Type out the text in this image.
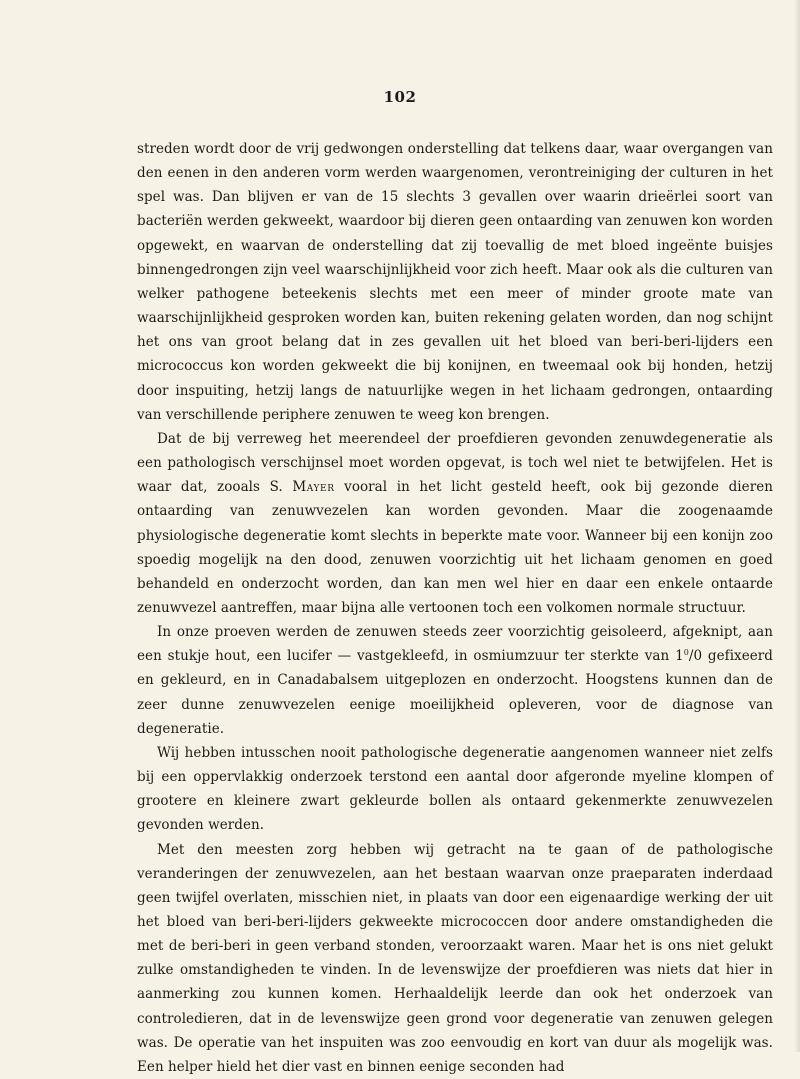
102

streden wordt door de vrij gedwongen onderstelling dat telkens daar, waar overgangen van den eenen in den anderen vorm werden waargenomen, verontreiniging der culturen in het spel was. Dan blijven er van de 15 slechts 3 gevallen over waarin drieërlei soort van bacteriën werden gekweekt, waardoor bij dieren geen ontaarding van zenuwen kon worden opgewekt, en waarvan de onderstelling dat zij toevallig de met bloed ingeënte buisjes binnengedrongen zijn veel waarschijnlijkheid voor zich heeft. Maar ook als die culturen van welker pathogene beteekenis slechts met een meer of minder groote mate van waarschijnlijkheid gesproken worden kan, buiten rekening gelaten worden, dan nog schijnt het ons van groot belang dat in zes gevallen uit het bloed van beri-beri-lijders een micrococcus kon worden gekweekt die bij konijnen, en tweemaal ook bij honden, hetzij door inspuiting, hetzij langs de natuurlijke wegen in het lichaam gedrongen, ontaarding van verschillende periphere zenuwen te weeg kon brengen.

Dat de bij verreweg het meerendeel der proefdieren gevonden zenuwdegeneratie als een pathologisch verschijnsel moet worden opgevat, is toch wel niet te betwijfelen. Het is waar dat, zooals S. Mayer vooral in het licht gesteld heeft, ook bij gezonde dieren ontaarding van zenuwvezelen kan worden gevonden. Maar die zoogenaamde physiologische degeneratie komt slechts in beperkte mate voor. Wanneer bij een konijn zoo spoedig mogelijk na den dood, zenuwen voorzichtig uit het lichaam genomen en goed behandeld en onderzocht worden, dan kan men wel hier en daar een enkele ontaarde zenuwvezel aantreffen, maar bijna alle vertoonen toch een volkomen normale structuur.

In onze proeven werden de zenuwen steeds zeer voorzichtig geisoleerd, afgeknipt, aan een stukje hout, een lucifer — vastgekleefd, in osmiumzuur ter sterkte van $1^0/0$ gefixeerd en gekleurd, en in Canadabalsem uitgeplozen en onderzocht. Hoogstens kunnen dan de zeer dunne zenuwvezelen eenige moeilijkheid opleveren, voor de diagnose van degeneratie.

Wij hebben intusschen nooit pathologische degeneratie aangenomen wanneer niet zelfs bij een oppervlakkig onderzoek terstond een aantal door afgeronde myeline klompen of grootere en kleinere zwart gekleurde bollen als ontaard gekenmerkte zenuwvezelen gevonden werden.

Met den meesten zorg hebben wij getracht na te gaan of de pathologische veranderingen der zenuwvezelen, aan het bestaan waarvan onze praeparaten inderdaad geen twijfel overlaten, misschien niet, in plaats van door een eigenaardige werking der uit het bloed van beri-beri-lijders gekweekte micrococcen door andere omstandigheden die met de beri-beri in geen verband stonden, veroorzaakt waren. Maar het is ons niet gelukt zulke omstandigheden te vinden. In de levenswijze der proefdieren was niets dat hier in aanmerking zou kunnen komen. Herhaaldelijk leerde dan ook het onderzoek van controledieren, dat in de levenswijze geen grond voor degeneratie van zenuwen gelegen was. De operatie van het inspuiten was zoo eenvoudig en kort van duur als mogelijk was. Een helper hield het dier vast en binnen eenige seconden had
